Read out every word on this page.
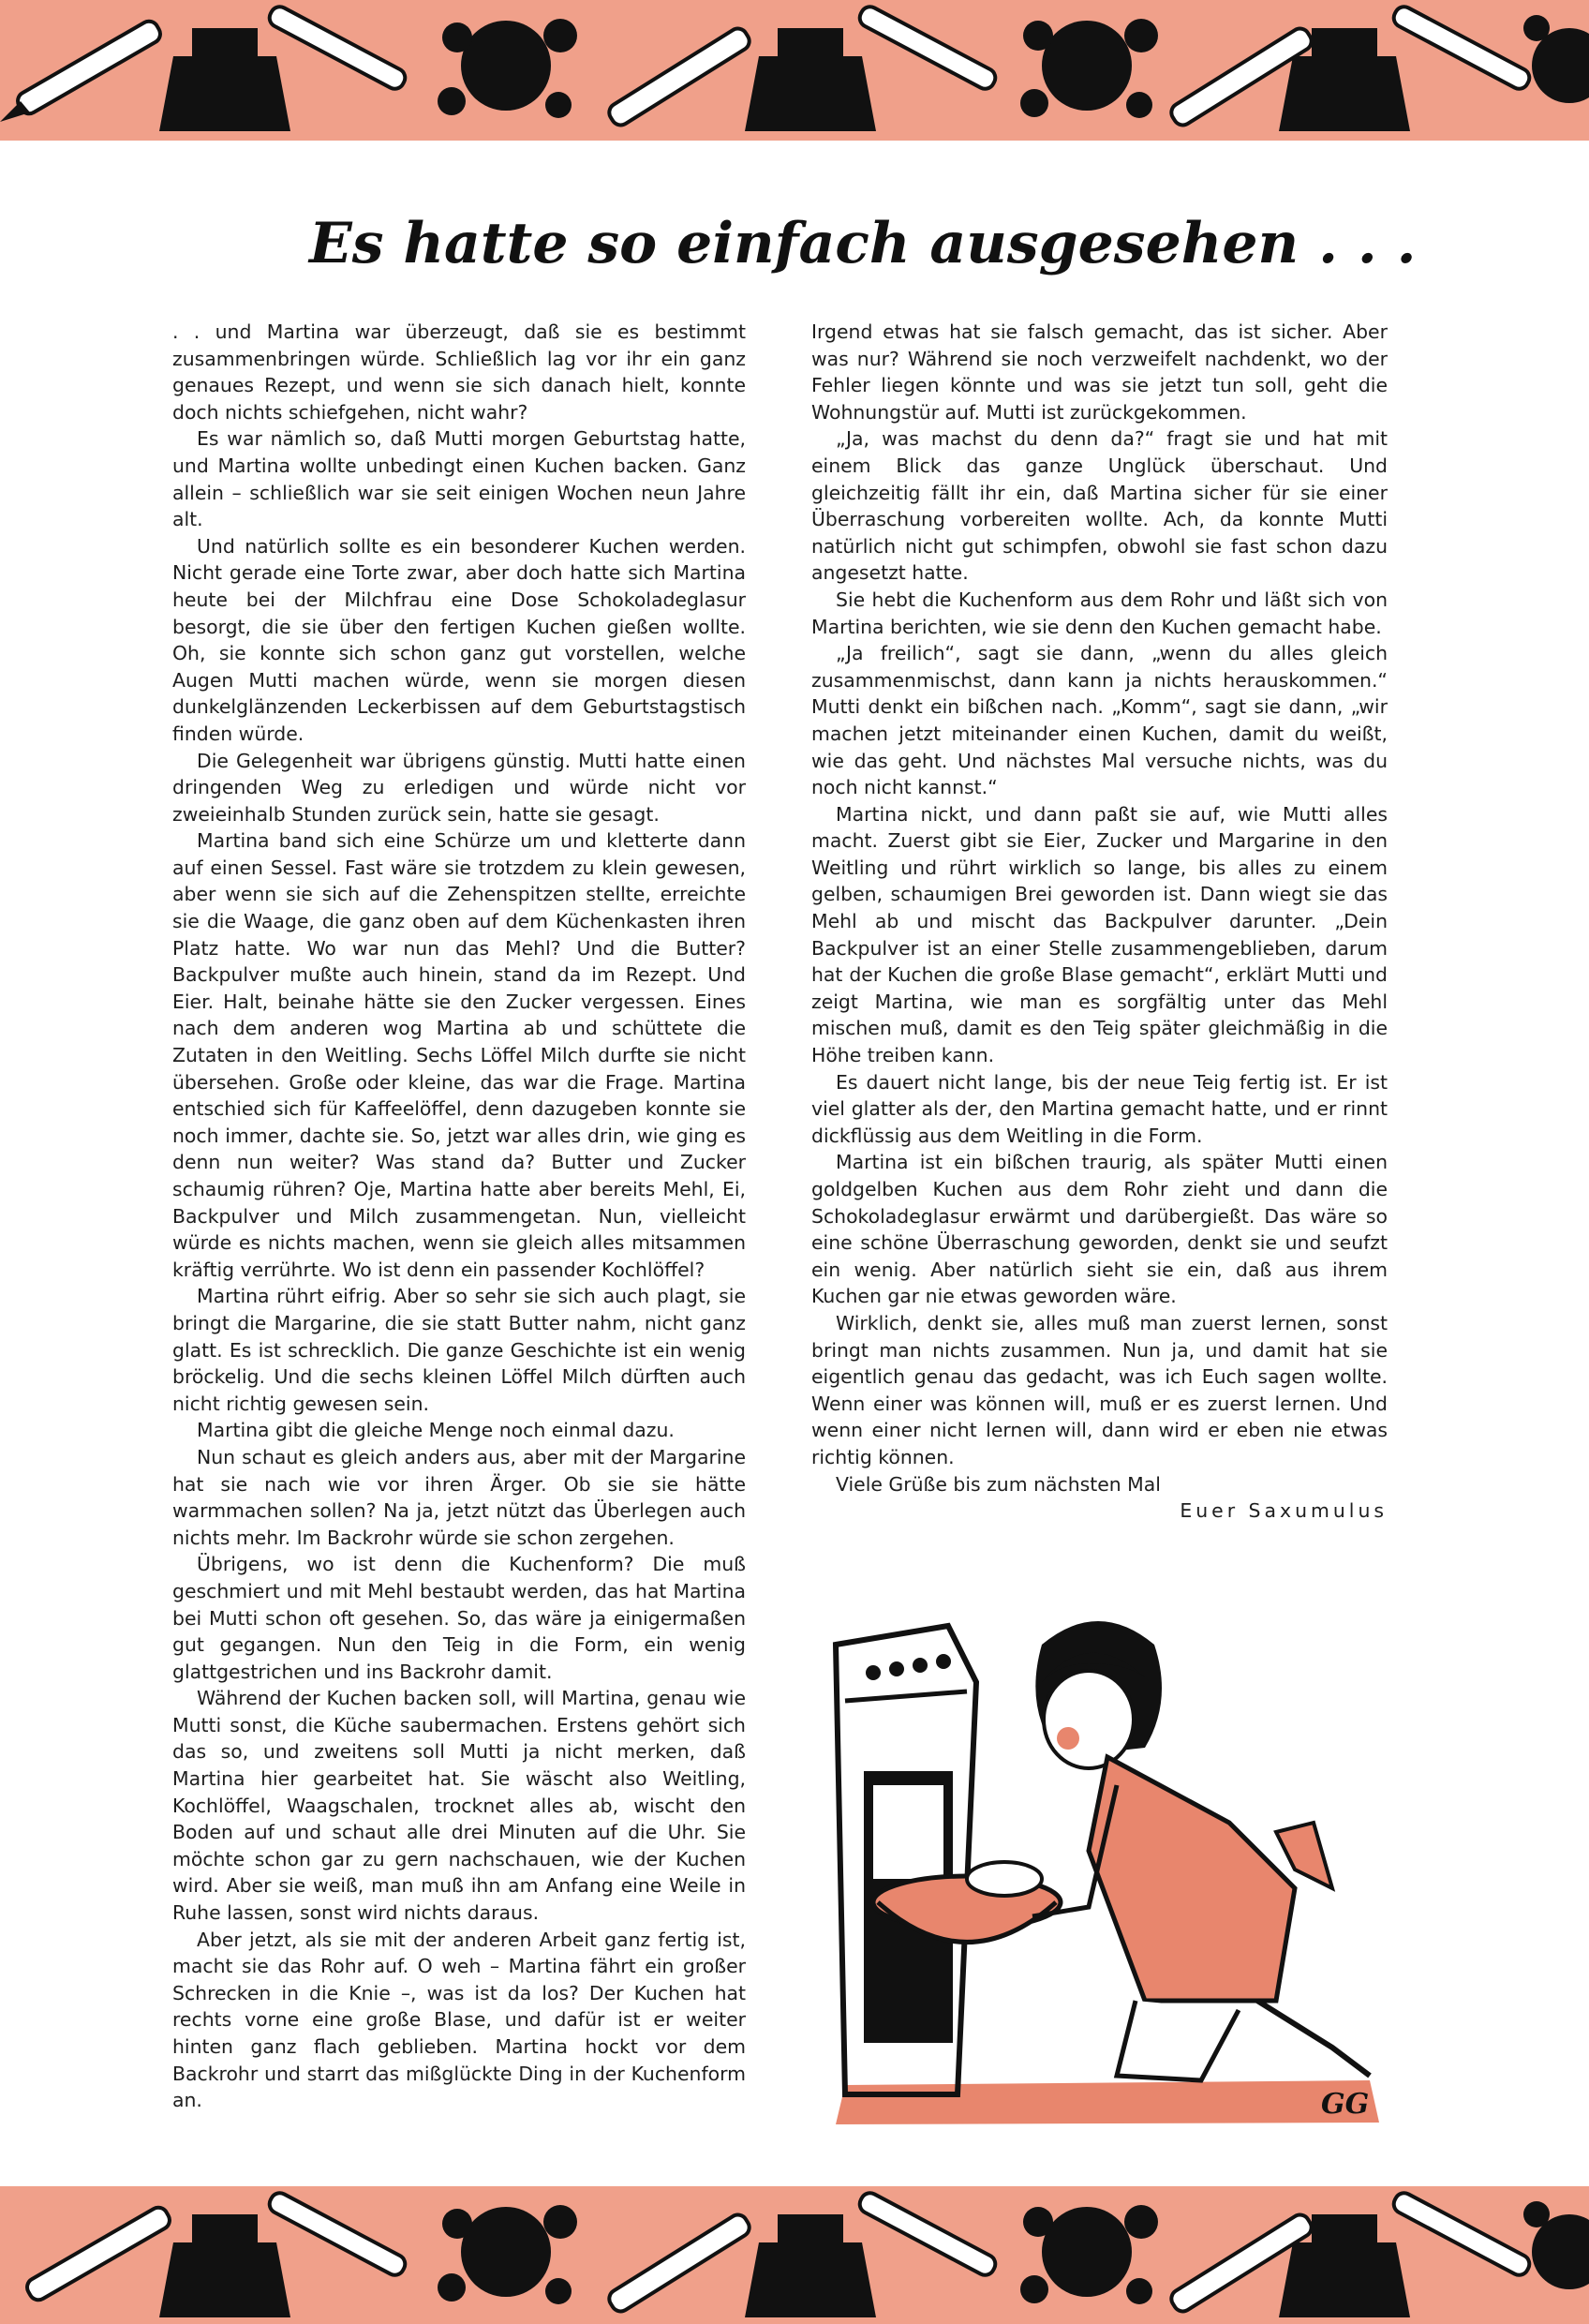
Es hatte so einfach ausgesehen . . .

. . und Martina war überzeugt, daß sie es bestimmt zusammenbringen würde. Schließlich lag vor ihr ein ganz genaues Rezept, und wenn sie sich danach hielt, konnte doch nichts schiefgehen, nicht wahr?

Es war nämlich so, daß Mutti morgen Geburtstag hatte, und Martina wollte unbedingt einen Kuchen backen. Ganz allein – schließlich war sie seit einigen Wochen neun Jahre alt.

Und natürlich sollte es ein besonderer Kuchen werden. Nicht gerade eine Torte zwar, aber doch hatte sich Martina heute bei der Milchfrau eine Dose Schokoladeglasur besorgt, die sie über den fertigen Kuchen gießen wollte. Oh, sie konnte sich schon ganz gut vorstellen, welche Augen Mutti machen würde, wenn sie morgen diesen dunkelglänzenden Leckerbissen auf dem Geburtstagstisch finden würde.

Die Gelegenheit war übrigens günstig. Mutti hatte einen dringenden Weg zu erledigen und würde nicht vor zweieinhalb Stunden zurück sein, hatte sie gesagt.

Martina band sich eine Schürze um und kletterte dann auf einen Sessel. Fast wäre sie trotzdem zu klein gewesen, aber wenn sie sich auf die Zehenspitzen stellte, erreichte sie die Waage, die ganz oben auf dem Küchenkasten ihren Platz hatte. Wo war nun das Mehl? Und die Butter? Backpulver mußte auch hinein, stand da im Rezept. Und Eier. Halt, beinahe hätte sie den Zucker vergessen. Eines nach dem anderen wog Martina ab und schüttete die Zutaten in den Weitling. Sechs Löffel Milch durfte sie nicht übersehen. Große oder kleine, das war die Frage. Martina entschied sich für Kaffeelöffel, denn dazugeben konnte sie noch immer, dachte sie. So, jetzt war alles drin, wie ging es denn nun weiter? Was stand da? Butter und Zucker schaumig rühren? Oje, Martina hatte aber bereits Mehl, Ei, Backpulver und Milch zusammengetan. Nun, vielleicht würde es nichts machen, wenn sie gleich alles mitsammen kräftig verrührte. Wo ist denn ein passender Kochlöffel?

Martina rührt eifrig. Aber so sehr sie sich auch plagt, sie bringt die Margarine, die sie statt Butter nahm, nicht ganz glatt. Es ist schrecklich. Die ganze Geschichte ist ein wenig bröckelig. Und die sechs kleinen Löffel Milch dürften auch nicht richtig gewesen sein.

Martina gibt die gleiche Menge noch einmal dazu.

Nun schaut es gleich anders aus, aber mit der Margarine hat sie nach wie vor ihren Ärger. Ob sie sie hätte warmmachen sollen? Na ja, jetzt nützt das Überlegen auch nichts mehr. Im Backrohr würde sie schon zergehen.

Übrigens, wo ist denn die Kuchenform? Die muß geschmiert und mit Mehl bestaubt werden, das hat Martina bei Mutti schon oft gesehen. So, das wäre ja einigermaßen gut gegangen. Nun den Teig in die Form, ein wenig glattgestrichen und ins Backrohr damit.

Während der Kuchen backen soll, will Martina, genau wie Mutti sonst, die Küche saubermachen. Erstens gehört sich das so, und zweitens soll Mutti ja nicht merken, daß Martina hier gearbeitet hat. Sie wäscht also Weitling, Kochlöffel, Waagschalen, trocknet alles ab, wischt den Boden auf und schaut alle drei Minuten auf die Uhr. Sie möchte schon gar zu gern nachschauen, wie der Kuchen wird. Aber sie weiß, man muß ihn am Anfang eine Weile in Ruhe lassen, sonst wird nichts daraus.

Aber jetzt, als sie mit der anderen Arbeit ganz fertig ist, macht sie das Rohr auf. O weh – Martina fährt ein großer Schrecken in die Knie –, was ist da los? Der Kuchen hat rechts vorne eine große Blase, und dafür ist er weiter hinten ganz flach geblieben. Martina hockt vor dem Backrohr und starrt das mißglückte Ding in der Kuchenform an.

Irgend etwas hat sie falsch gemacht, das ist sicher. Aber was nur? Während sie noch verzweifelt nachdenkt, wo der Fehler liegen könnte und was sie jetzt tun soll, geht die Wohnungstür auf. Mutti ist zurückgekommen.

„Ja, was machst du denn da?“ fragt sie und hat mit einem Blick das ganze Unglück überschaut. Und gleichzeitig fällt ihr ein, daß Martina sicher für sie einer Überraschung vorbereiten wollte. Ach, da konnte Mutti natürlich nicht gut schimpfen, obwohl sie fast schon dazu angesetzt hatte.

Sie hebt die Kuchenform aus dem Rohr und läßt sich von Martina berichten, wie sie denn den Kuchen gemacht habe.

„Ja freilich“, sagt sie dann, „wenn du alles gleich zusammenmischst, dann kann ja nichts herauskommen.“ Mutti denkt ein bißchen nach. „Komm“, sagt sie dann, „wir machen jetzt miteinander einen Kuchen, damit du weißt, wie das geht. Und nächstes Mal versuche nichts, was du noch nicht kannst.“

Martina nickt, und dann paßt sie auf, wie Mutti alles macht. Zuerst gibt sie Eier, Zucker und Margarine in den Weitling und rührt wirklich so lange, bis alles zu einem gelben, schaumigen Brei geworden ist. Dann wiegt sie das Mehl ab und mischt das Backpulver darunter. „Dein Backpulver ist an einer Stelle zusammengeblieben, darum hat der Kuchen die große Blase gemacht“, erklärt Mutti und zeigt Martina, wie man es sorgfältig unter das Mehl mischen muß, damit es den Teig später gleichmäßig in die Höhe treiben kann.

Es dauert nicht lange, bis der neue Teig fertig ist. Er ist viel glatter als der, den Martina gemacht hatte, und er rinnt dickflüssig aus dem Weitling in die Form.

Martina ist ein bißchen traurig, als später Mutti einen goldgelben Kuchen aus dem Rohr zieht und dann die Schokoladeglasur erwärmt und darübergießt. Das wäre so eine schöne Überraschung geworden, denkt sie und seufzt ein wenig. Aber natürlich sieht sie ein, daß aus ihrem Kuchen gar nie etwas geworden wäre.

Wirklich, denkt sie, alles muß man zuerst lernen, sonst bringt man nichts zusammen. Nun ja, und damit hat sie eigentlich genau das gedacht, was ich Euch sagen wollte. Wenn einer was können will, muß er es zuerst lernen. Und wenn einer nicht lernen will, dann wird er eben nie etwas richtig können.

Viele Grüße bis zum nächsten Mal

Euer Saxumulus

GG
